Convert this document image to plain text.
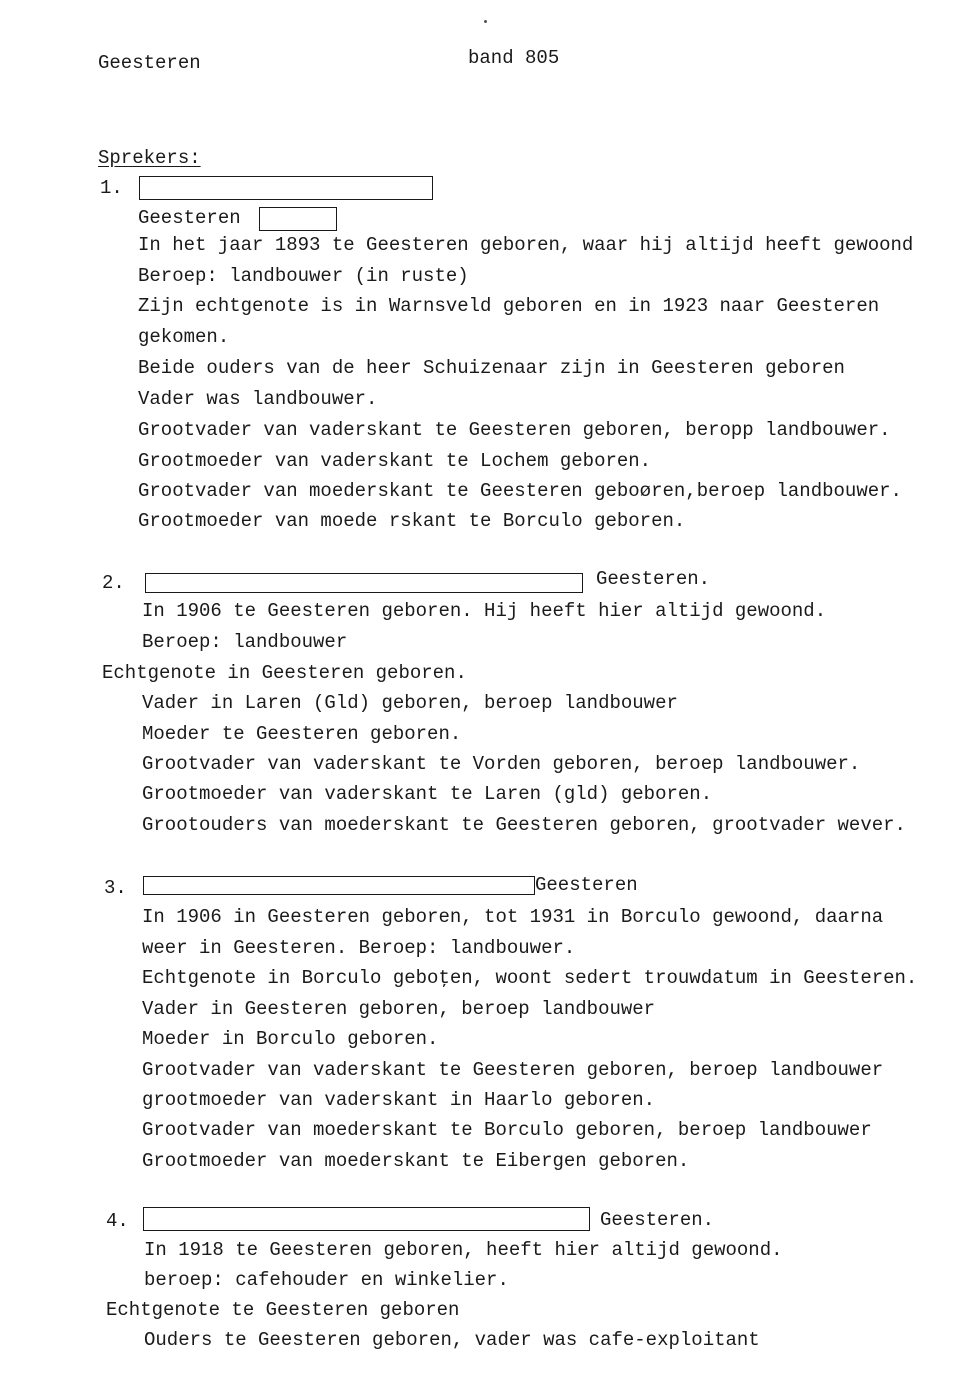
Geesteren	band 805
Sprekers:
1.
Geesteren
In het jaar 1893 te Geesteren geboren, waar hij altijd heeft gewoond
Beroep: landbouwer (in ruste)
Zijn echtgenote is in Warnsveld geboren en in 1923 naar Geesteren
gekomen.
Beide ouders van de heer Schuizenaar zijn in Geesteren geboren
Vader was landbouwer.
Grootvader van vaderskant te Geesteren geboren, beropp landbouwer.
Grootmoeder van vaderskant te Lochem geboren.
Grootvader van moederskant te Geesteren geboøren,beroep landbouwer.
Grootmoeder van moede rskant te Borculo geboren.
2.	Geesteren.
In 1906 te Geesteren geboren. Hij heeft hier altijd gewoond.
Beroep: landbouwer
Echtgenote in Geesteren geboren.
Vader in Laren (Gld) geboren, beroep landbouwer
Moeder te Geesteren geboren.
Grootvader van vaderskant te Vorden geboren, beroep landbouwer.
Grootmoeder van vaderskant te Laren (gld) geboren.
Grootouders van moederskant te Geesteren geboren, grootvader wever.
3.	Geesteren
In 1906 in Geesteren geboren, tot 1931 in Borculo gewoond, daarna
weer in Geesteren. Beroep: landbouwer.
Echtgenote in Borculo geboţen, woont sedert trouwdatum in Geesteren.
Vader in Geesteren geboren, beroep landbouwer
Moeder in Borculo geboren.
Grootvader van vaderskant te Geesteren geboren, beroep landbouwer
grootmoeder van vaderskant in Haarlo geboren.
Grootvader van moederskant te Borculo geboren, beroep landbouwer
Grootmoeder van moederskant te Eibergen geboren.
4.	Geesteren.
In 1918 te Geesteren geboren, heeft hier altijd gewoond.
beroep: cafehouder en winkelier.
Echtgenote te Geesteren geboren
Ouders te Geesteren geboren, vader was cafe-exploitant
